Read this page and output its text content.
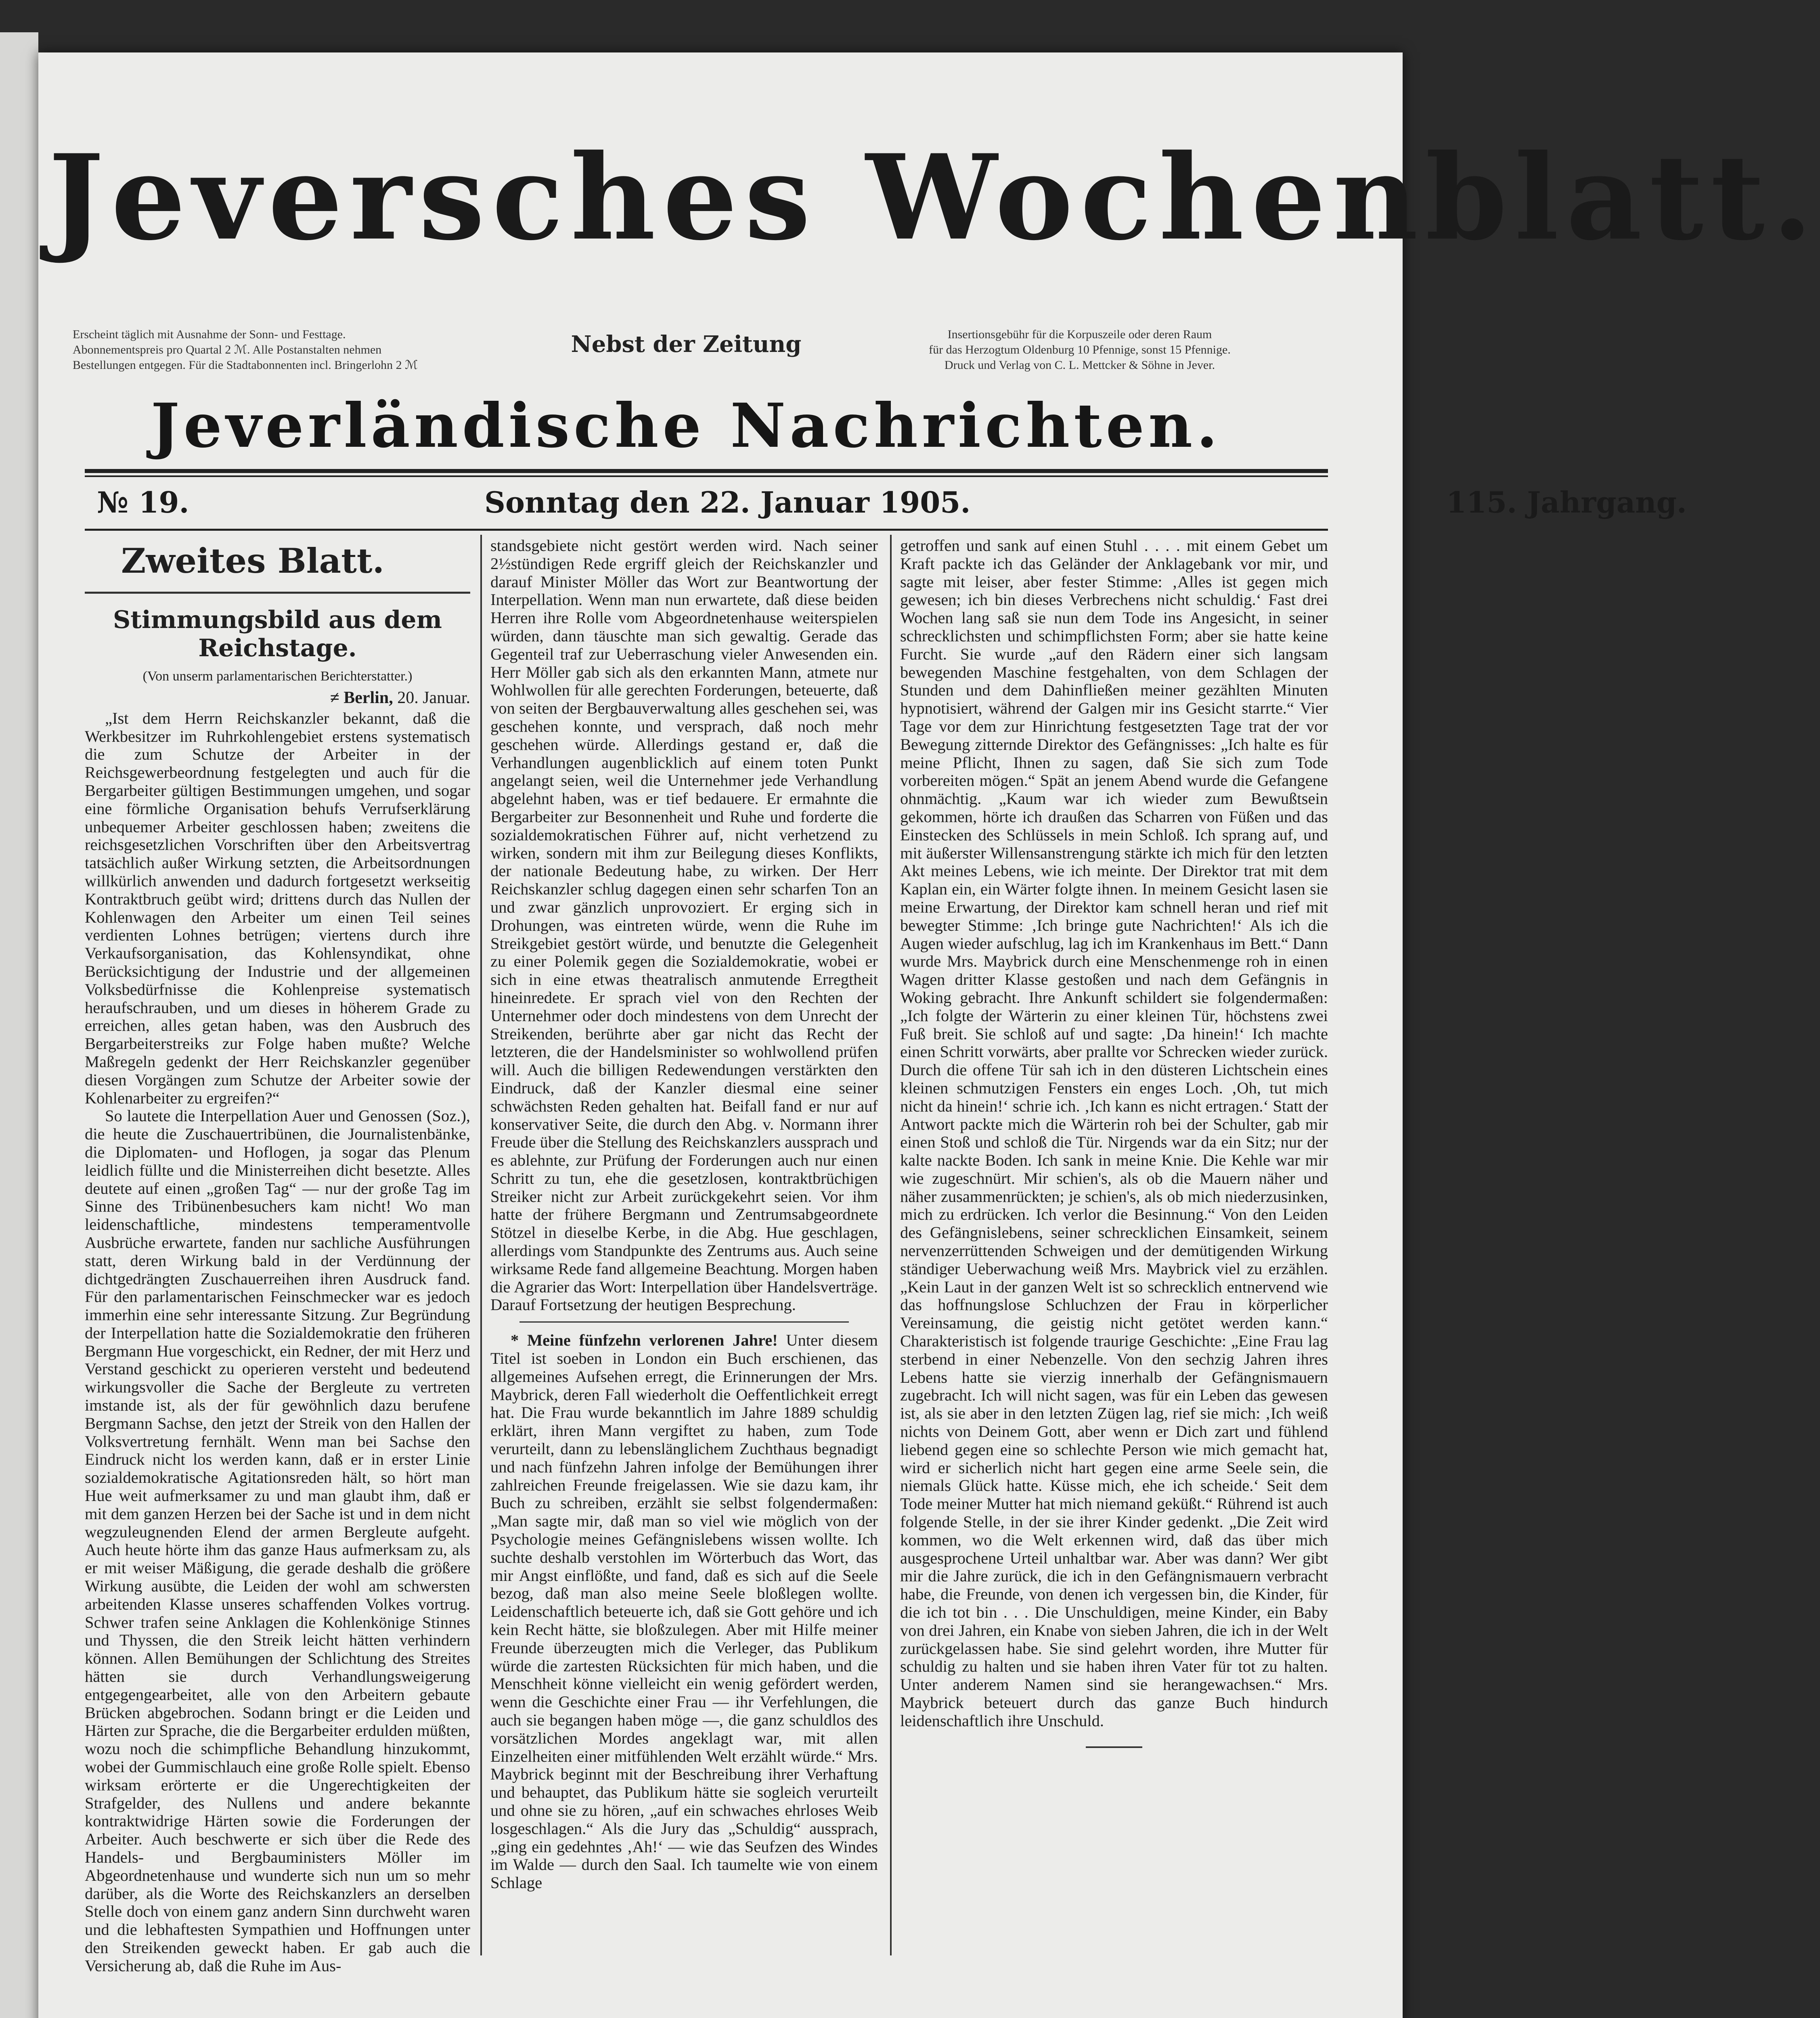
Jeversches Wochenblatt.
Erscheint täglich mit Ausnahme der Sonn- und Festtage.
Abonnementspreis pro Quartal 2 ℳ. Alle Postanstalten nehmen
Bestellungen entgegen. Für die Stadtabonnenten incl. Bringerlohn 2 ℳ
Nebst der Zeitung	Insertionsgebühr für die Korpuszeile oder deren Raum
für das Herzogtum Oldenburg 10 Pfennige, sonst 15 Pfennige.
Druck und Verlag von C. L. Mettcker & Söhne in Jever.
Jeverländische Nachrichten.
№ 19.	Sonntag den 22. Januar 1905.	115. Jahrgang.
Zweites Blatt.
Stimmungsbild aus dem Reichstage.
(Von unserm parlamentarischen Berichterstatter.)
≠ Berlin, 20. Januar.

„Ist dem Herrn Reichskanzler bekannt, daß die Werkbesitzer im Ruhrkohlengebiet erstens systematisch die zum Schutze der Arbeiter in der Reichsgewerbeordnung festgelegten und auch für die Bergarbeiter gültigen Bestimmungen umgehen, und sogar eine förmliche Organisation behufs Verrufserklärung unbequemer Arbeiter geschlossen haben; zweitens die reichsgesetzlichen Vorschriften über den Arbeitsvertrag tatsächlich außer Wirkung setzten, die Arbeitsordnungen willkürlich anwenden und dadurch fortgesetzt werkseitig Kontraktbruch geübt wird; drittens durch das Nullen der Kohlenwagen den Arbeiter um einen Teil seines verdienten Lohnes betrügen; viertens durch ihre Verkaufsorganisation, das Kohlensyndikat, ohne Berücksichtigung der Industrie und der allgemeinen Volksbedürfnisse die Kohlenpreise systematisch heraufschrauben, und um dieses in höherem Grade zu erreichen, alles getan haben, was den Ausbruch des Bergarbeiterstreiks zur Folge haben mußte? Welche Maßregeln gedenkt der Herr Reichskanzler gegenüber diesen Vorgängen zum Schutze der Arbeiter sowie der Kohlenarbeiter zu ergreifen?“

So lautete die Interpellation Auer und Genossen (Soz.), die heute die Zuschauertribünen, die Journalistenbänke, die Diplomaten- und Hoflogen, ja sogar das Plenum leidlich füllte und die Ministerreihen dicht besetzte. Alles deutete auf einen „großen Tag“ — nur der große Tag im Sinne des Tribünenbesuchers kam nicht! Wo man leidenschaftliche, mindestens temperamentvolle Ausbrüche erwartete, fanden nur sachliche Ausführungen statt, deren Wirkung bald in der Verdünnung der dichtgedrängten Zuschauerreihen ihren Ausdruck fand. Für den parlamentarischen Feinschmecker war es jedoch immerhin eine sehr interessante Sitzung. Zur Begründung der Interpellation hatte die Sozialdemokratie den früheren Bergmann Hue vorgeschickt, ein Redner, der mit Herz und Verstand geschickt zu operieren versteht und bedeutend wirkungsvoller die Sache der Bergleute zu vertreten imstande ist, als der für gewöhnlich dazu berufene Bergmann Sachse, den jetzt der Streik von den Hallen der Volksvertretung fernhält. Wenn man bei Sachse den Eindruck nicht los werden kann, daß er in erster Linie sozialdemokratische Agitationsreden hält, so hört man Hue weit aufmerksamer zu und man glaubt ihm, daß er mit dem ganzen Herzen bei der Sache ist und in dem nicht wegzuleugnenden Elend der armen Bergleute aufgeht. Auch heute hörte ihm das ganze Haus aufmerksam zu, als er mit weiser Mäßigung, die gerade deshalb die größere Wirkung ausübte, die Leiden der wohl am schwersten arbeitenden Klasse unseres schaffenden Volkes vortrug. Schwer trafen seine Anklagen die Kohlenkönige Stinnes und Thyssen, die den Streik leicht hätten verhindern können. Allen Bemühungen der Schlichtung des Streites hätten sie durch Verhandlungsweigerung entgegengearbeitet, alle von den Arbeitern gebaute Brücken abgebrochen. Sodann bringt er die Leiden und Härten zur Sprache, die die Bergarbeiter erdulden müßten, wozu noch die schimpfliche Behandlung hinzukommt, wobei der Gummischlauch eine große Rolle spielt. Ebenso wirksam erörterte er die Ungerechtigkeiten der Strafgelder, des Nullens und andere bekannte kontraktwidrige Härten sowie die Forderungen der Arbeiter. Auch beschwerte er sich über die Rede des Handels- und Bergbauministers Möller im Abgeordnetenhause und wunderte sich nun um so mehr darüber, als die Worte des Reichskanzlers an derselben Stelle doch von einem ganz andern Sinn durchweht waren und die lebhaftesten Sympathien und Hoffnungen unter den Streikenden geweckt haben. Er gab auch die Versicherung ab, daß die Ruhe im Aus-

standsgebiete nicht gestört werden wird. Nach seiner 2½stündigen Rede ergriff gleich der Reichskanzler und darauf Minister Möller das Wort zur Beantwortung der Interpellation. Wenn man nun erwartete, daß diese beiden Herren ihre Rolle vom Abgeordnetenhause weiterspielen würden, dann täuschte man sich gewaltig. Gerade das Gegenteil traf zur Ueberraschung vieler Anwesenden ein. Herr Möller gab sich als den erkannten Mann, atmete nur Wohlwollen für alle gerechten Forderungen, beteuerte, daß von seiten der Bergbauverwaltung alles geschehen sei, was geschehen konnte, und versprach, daß noch mehr geschehen würde. Allerdings gestand er, daß die Verhandlungen augenblicklich auf einem toten Punkt angelangt seien, weil die Unternehmer jede Verhandlung abgelehnt haben, was er tief bedauere. Er ermahnte die Bergarbeiter zur Besonnenheit und Ruhe und forderte die sozialdemokratischen Führer auf, nicht verhetzend zu wirken, sondern mit ihm zur Beilegung dieses Konflikts, der nationale Bedeutung habe, zu wirken. Der Herr Reichskanzler schlug dagegen einen sehr scharfen Ton an und zwar gänzlich unprovoziert. Er erging sich in Drohungen, was eintreten würde, wenn die Ruhe im Streikgebiet gestört würde, und benutzte die Gelegenheit zu einer Polemik gegen die Sozialdemokratie, wobei er sich in eine etwas theatralisch anmutende Erregtheit hineinredete. Er sprach viel von den Rechten der Unternehmer oder doch mindestens von dem Unrecht der Streikenden, berührte aber gar nicht das Recht der letzteren, die der Handelsminister so wohlwollend prüfen will. Auch die billigen Redewendungen verstärkten den Eindruck, daß der Kanzler diesmal eine seiner schwächsten Reden gehalten hat. Beifall fand er nur auf konservativer Seite, die durch den Abg. v. Normann ihrer Freude über die Stellung des Reichskanzlers aussprach und es ablehnte, zur Prüfung der Forderungen auch nur einen Schritt zu tun, ehe die gesetzlosen, kontraktbrüchigen Streiker nicht zur Arbeit zurückgekehrt seien. Vor ihm hatte der frühere Bergmann und Zentrumsabgeordnete Stötzel in dieselbe Kerbe, in die Abg. Hue geschlagen, allerdings vom Standpunkte des Zentrums aus. Auch seine wirksame Rede fand allgemeine Beachtung. Morgen haben die Agrarier das Wort: Interpellation über Handelsverträge. Darauf Fortsetzung der heutigen Besprechung.

* Meine fünfzehn verlorenen Jahre! Unter diesem Titel ist soeben in London ein Buch erschienen, das allgemeines Aufsehen erregt, die Erinnerungen der Mrs. Maybrick, deren Fall wiederholt die Oeffentlichkeit erregt hat. Die Frau wurde bekanntlich im Jahre 1889 schuldig erklärt, ihren Mann vergiftet zu haben, zum Tode verurteilt, dann zu lebenslänglichem Zuchthaus begnadigt und nach fünfzehn Jahren infolge der Bemühungen ihrer zahlreichen Freunde freigelassen. Wie sie dazu kam, ihr Buch zu schreiben, erzählt sie selbst folgendermaßen: „Man sagte mir, daß man so viel wie möglich von der Psychologie meines Gefängnislebens wissen wollte. Ich suchte deshalb verstohlen im Wörterbuch das Wort, das mir Angst einflößte, und fand, daß es sich auf die Seele bezog, daß man also meine Seele bloßlegen wollte. Leidenschaftlich beteuerte ich, daß sie Gott gehöre und ich kein Recht hätte, sie bloßzulegen. Aber mit Hilfe meiner Freunde überzeugten mich die Verleger, das Publikum würde die zartesten Rücksichten für mich haben, und die Menschheit könne vielleicht ein wenig gefördert werden, wenn die Geschichte einer Frau — ihr Verfehlungen, die auch sie begangen haben möge —, die ganz schuldlos des vorsätzlichen Mordes angeklagt war, mit allen Einzelheiten einer mitfühlenden Welt erzählt würde.“ Mrs. Maybrick beginnt mit der Beschreibung ihrer Verhaftung und behauptet, das Publikum hätte sie sogleich verurteilt und ohne sie zu hören, „auf ein schwaches ehrloses Weib losgeschlagen.“ Als die Jury das „Schuldig“ aussprach, „ging ein gedehntes ‚Ah!‘ — wie das Seufzen des Windes im Walde — durch den Saal. Ich taumelte wie von einem Schlage

getroffen und sank auf einen Stuhl . . . . mit einem Gebet um Kraft packte ich das Geländer der Anklagebank vor mir, und sagte mit leiser, aber fester Stimme: ‚Alles ist gegen mich gewesen; ich bin dieses Verbrechens nicht schuldig.‘ Fast drei Wochen lang saß sie nun dem Tode ins Angesicht, in seiner schrecklichsten und schimpflichsten Form; aber sie hatte keine Furcht. Sie wurde „auf den Rädern einer sich langsam bewegenden Maschine festgehalten, von dem Schlagen der Stunden und dem Dahinfließen meiner gezählten Minuten hypnotisiert, während der Galgen mir ins Gesicht starrte.“ Vier Tage vor dem zur Hinrichtung festgesetzten Tage trat der vor Bewegung zitternde Direktor des Gefängnisses: „Ich halte es für meine Pflicht, Ihnen zu sagen, daß Sie sich zum Tode vorbereiten mögen.“ Spät an jenem Abend wurde die Gefangene ohnmächtig. „Kaum war ich wieder zum Bewußtsein gekommen, hörte ich draußen das Scharren von Füßen und das Einstecken des Schlüssels in mein Schloß. Ich sprang auf, und mit äußerster Willensanstrengung stärkte ich mich für den letzten Akt meines Lebens, wie ich meinte. Der Direktor trat mit dem Kaplan ein, ein Wärter folgte ihnen. In meinem Gesicht lasen sie meine Erwartung, der Direktor kam schnell heran und rief mit bewegter Stimme: ‚Ich bringe gute Nachrichten!‘ Als ich die Augen wieder aufschlug, lag ich im Krankenhaus im Bett.“ Dann wurde Mrs. Maybrick durch eine Menschenmenge roh in einen Wagen dritter Klasse gestoßen und nach dem Gefängnis in Woking gebracht. Ihre Ankunft schildert sie folgendermaßen: „Ich folgte der Wärterin zu einer kleinen Tür, höchstens zwei Fuß breit. Sie schloß auf und sagte: ‚Da hinein!‘ Ich machte einen Schritt vorwärts, aber prallte vor Schrecken wieder zurück. Durch die offene Tür sah ich in den düsteren Lichtschein eines kleinen schmutzigen Fensters ein enges Loch. ‚Oh, tut mich nicht da hinein!‘ schrie ich. ‚Ich kann es nicht ertragen.‘ Statt der Antwort packte mich die Wärterin roh bei der Schulter, gab mir einen Stoß und schloß die Tür. Nirgends war da ein Sitz; nur der kalte nackte Boden. Ich sank in meine Knie. Die Kehle war mir wie zugeschnürt. Mir schien's, als ob die Mauern näher und näher zusammenrückten; je schien's, als ob mich niederzusinken, mich zu erdrücken. Ich verlor die Besinnung.“ Von den Leiden des Gefängnislebens, seiner schrecklichen Einsamkeit, seinem nervenzerrüttenden Schweigen und der demütigenden Wirkung ständiger Ueberwachung weiß Mrs. Maybrick viel zu erzählen. „Kein Laut in der ganzen Welt ist so schrecklich entnervend wie das hoffnungslose Schluchzen der Frau in körperlicher Vereinsamung, die geistig nicht getötet werden kann.“ Charakteristisch ist folgende traurige Geschichte: „Eine Frau lag sterbend in einer Nebenzelle. Von den sechzig Jahren ihres Lebens hatte sie vierzig innerhalb der Gefängnismauern zugebracht. Ich will nicht sagen, was für ein Leben das gewesen ist, als sie aber in den letzten Zügen lag, rief sie mich: ‚Ich weiß nichts von Deinem Gott, aber wenn er Dich zart und fühlend liebend gegen eine so schlechte Person wie mich gemacht hat, wird er sicherlich nicht hart gegen eine arme Seele sein, die niemals Glück hatte. Küsse mich, ehe ich scheide.‘ Seit dem Tode meiner Mutter hat mich niemand geküßt.“ Rührend ist auch folgende Stelle, in der sie ihrer Kinder gedenkt. „Die Zeit wird kommen, wo die Welt erkennen wird, daß das über mich ausgesprochene Urteil unhaltbar war. Aber was dann? Wer gibt mir die Jahre zurück, die ich in den Gefängnismauern verbracht habe, die Freunde, von denen ich vergessen bin, die Kinder, für die ich tot bin . . . Die Unschuldigen, meine Kinder, ein Baby von drei Jahren, ein Knabe von sieben Jahren, die ich in der Welt zurückgelassen habe. Sie sind gelehrt worden, ihre Mutter für schuldig zu halten und sie haben ihren Vater für tot zu halten. Unter anderem Namen sind sie herangewachsen.“ Mrs. Maybrick beteuert durch das ganze Buch hindurch leidenschaftlich ihre Unschuld.
